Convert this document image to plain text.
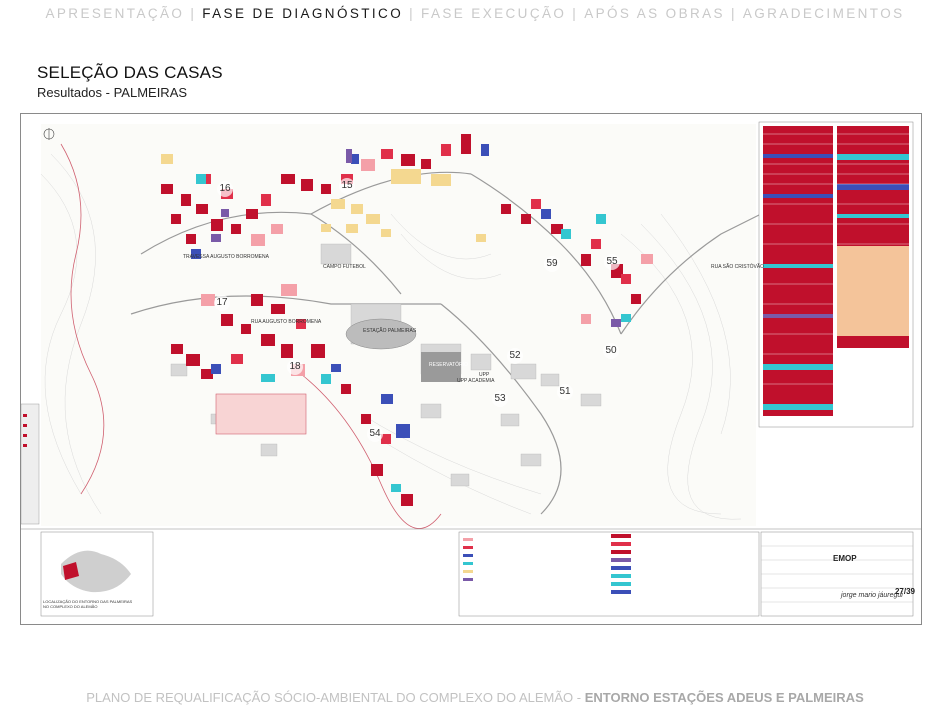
APRESENTAÇÃO | FASE DE DIAGNÓSTICO | FASE EXECUÇÃO | APÓS AS OBRAS | AGRADECIMENTOS
SELEÇÃO DAS CASAS
Resultados - PALMEIRAS
15
16
17
18
50
51
52
53
54
55
59
RESERVATÓRIO
ESTAÇÃO PALMEIRAS
CAMPO FUTEBOL
UPP
UPP ACADEMIA
TRAVESSA AUGUSTO BORROMENA
RUA AUGUSTO BORROMENA
RUA SÃO CRISTÓVÃO
LOCALIZAÇÃO DO ENTORNO DAS PALMEIRAS NO COMPLEXO DO ALEMÃO
EMOP
jorge mario jáuregui
27/39
PLANO DE REQUALIFICAÇÃO SÓCIO-AMBIENTAL DO COMPLEXO DO ALEMÃO - ENTORNO ESTAÇÕES ADEUS E PALMEIRAS
